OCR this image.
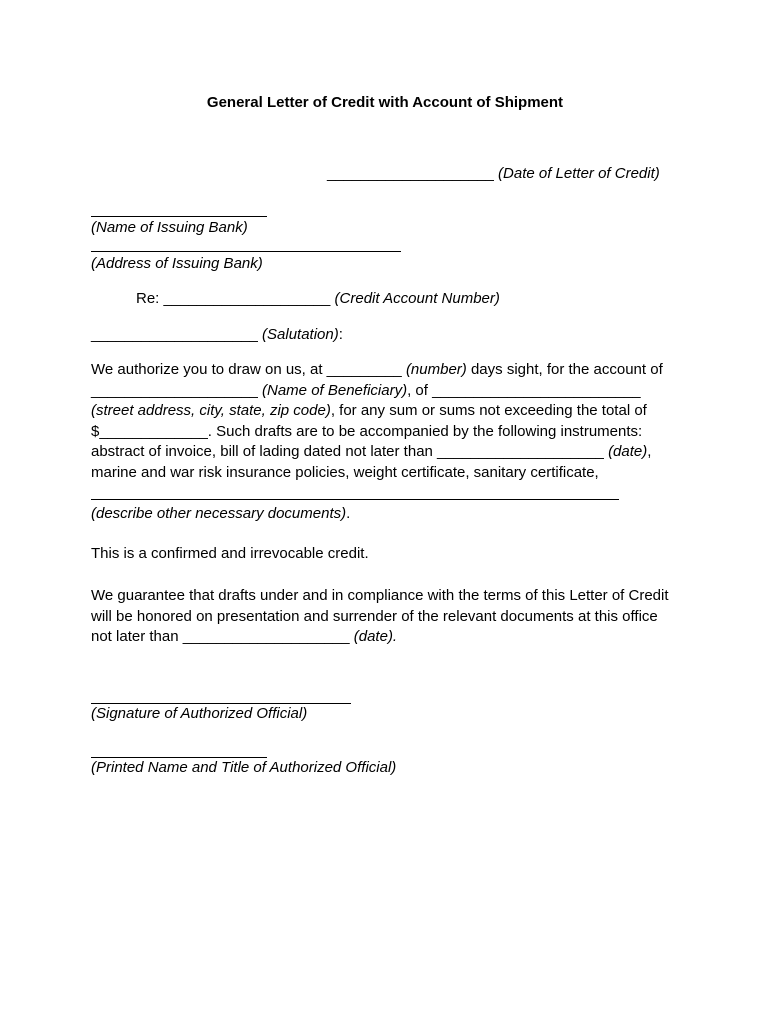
General Letter of Credit with Account of Shipment
____________________ (Date of Letter of Credit)
(Name of Issuing Bank)
(Address of Issuing Bank)
Re: ____________________ (Credit Account Number)
____________________ (Salutation):
We authorize you to draw on us, at _________ (number) days sight, for the account of
____________________ (Name of Beneficiary), of _________________________
(street address, city, state, zip code), for any sum or sums not exceeding the total of
$_____________. Such drafts are to be accompanied by the following instruments:
abstract of invoice, bill of lading dated not later than ____________________ (date),
marine and war risk insurance policies, weight certificate, sanitary certificate,
(describe other necessary documents).
This is a confirmed and irrevocable credit.
We guarantee that drafts under and in compliance with the terms of this Letter of Credit
will be honored on presentation and surrender of the relevant documents at this office
not later than ____________________ (date).
(Signature of Authorized Official)
(Printed Name and Title of Authorized Official)
